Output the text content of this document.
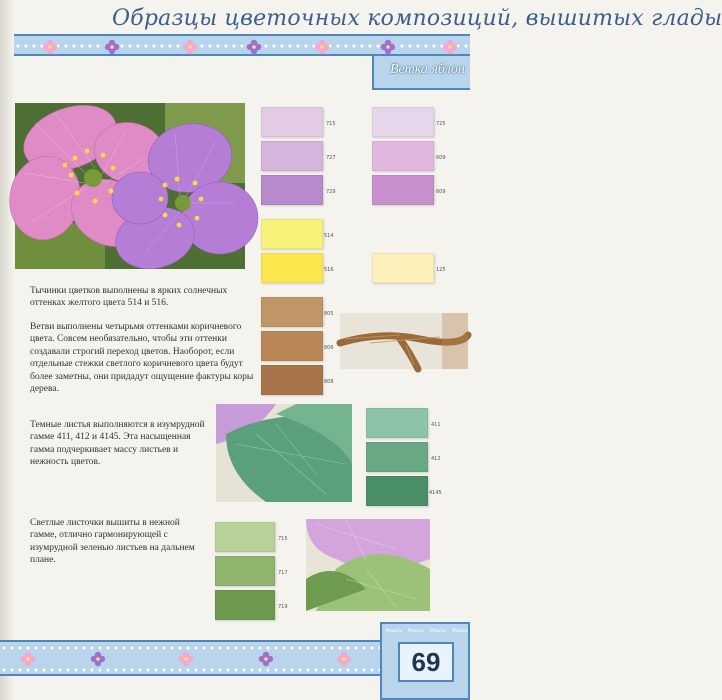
Образцы цветочных композиций, вышитых глады
Ветка яблон
715
727
729
514
516
805
806
808
725
609
609
125
411
412
4145
715
717
719
Тычинки цветков выполнены в ярких солнечных оттенках желтого цвета 514 и 516.
Ветви выполнены четырьмя оттенками коричневого цвета. Совсем необязательно, чтобы эти оттенки создавали строгий переход цветов. Наоборот, если отдельные стежки светлого коричневого цвета будут более заметны, они придадут ощущение фактуры коры дерева.
Темные листья выполняются в изумрудной гамме 411, 412 и 4145. Эта насыщенная гамма подчеркивает массу листьев и нежность цветов.
Светлые листочки вышиты в нежной гамме, отлично гармонирующей с изумрудной зеленью листьев на дальнем плане.
Модель Модель Модель Модель
69
